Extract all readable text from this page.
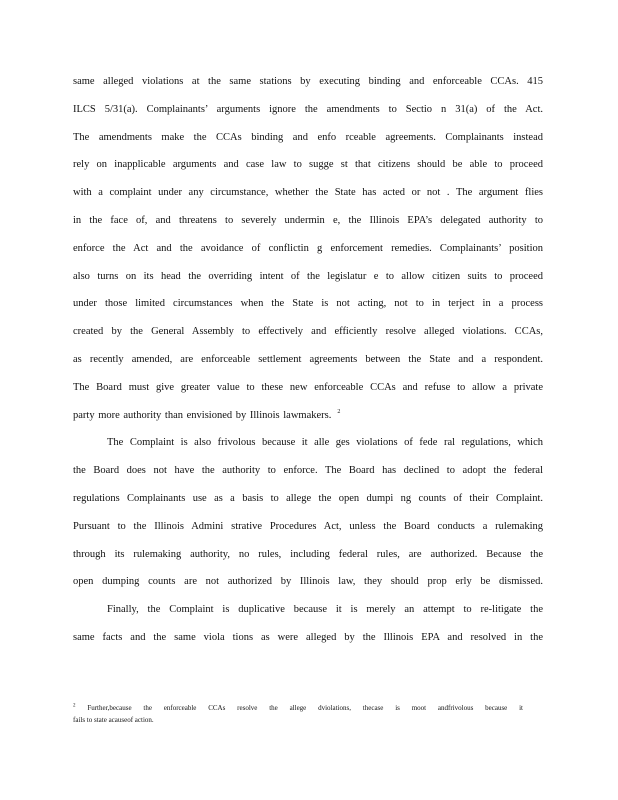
same alleged violations at the same stations by executing binding and enforceable CCAs. 415
ILCS 5/31(a). Complainants’ arguments ignore the amendments to Sectio n 31(a) of the Act.
The amendments make the CCAs binding and enfo rceable agreements. Complainants instead
rely on inapplicable arguments and case law to sugge st that citizens should be able to proceed
with a complaint under any circumstance, whether the State has acted or not . The argument flies
in the face of, and threatens to severely undermin e, the Illinois EPA’s delegated authority to
enforce the Act and the avoidance of conflictin g enforcement remedies. Complainants’ position
also turns on its head the overriding intent of the legislatur e to allow citizen suits to proceed
under those limited circumstances when the State is not acting, not to in terject in a process
created by the General Assembly to effectively and efficiently resolve alleged violations. CCAs,
as recently amended, are enforceable settlement agreements between the State and a respondent.
The Board must give greater value to these new enforceable CCAs and refuse to allow a private
party more authority than envisioned by Illinois lawmakers. $^2$
The Complaint is also frivolous because it alle ges violations of fede ral regulations, which
the Board does not have the authority to enforce. The Board has declined to adopt the federal
regulations Complainants use as a basis to allege the open dumpi ng counts of their Complaint.
Pursuant to the Illinois Admini strative Procedures Act, unless the Board conducts a rulemaking
through its rulemaking authority, no rules, including federal rules, are authorized. Because the
open dumping counts are not authorized by Illinois law, they should prop erly be dismissed.
Finally, the Complaint is duplicative because it is merely an attempt to re-litigate the
same facts and the same viola tions as were alleged by the Illinois EPA and resolved in the
$^2$ Further,because the enforceable CCAs resolve the allege dviolations, thecase is moot andfrivolous because it
fails to state acauseof action.
